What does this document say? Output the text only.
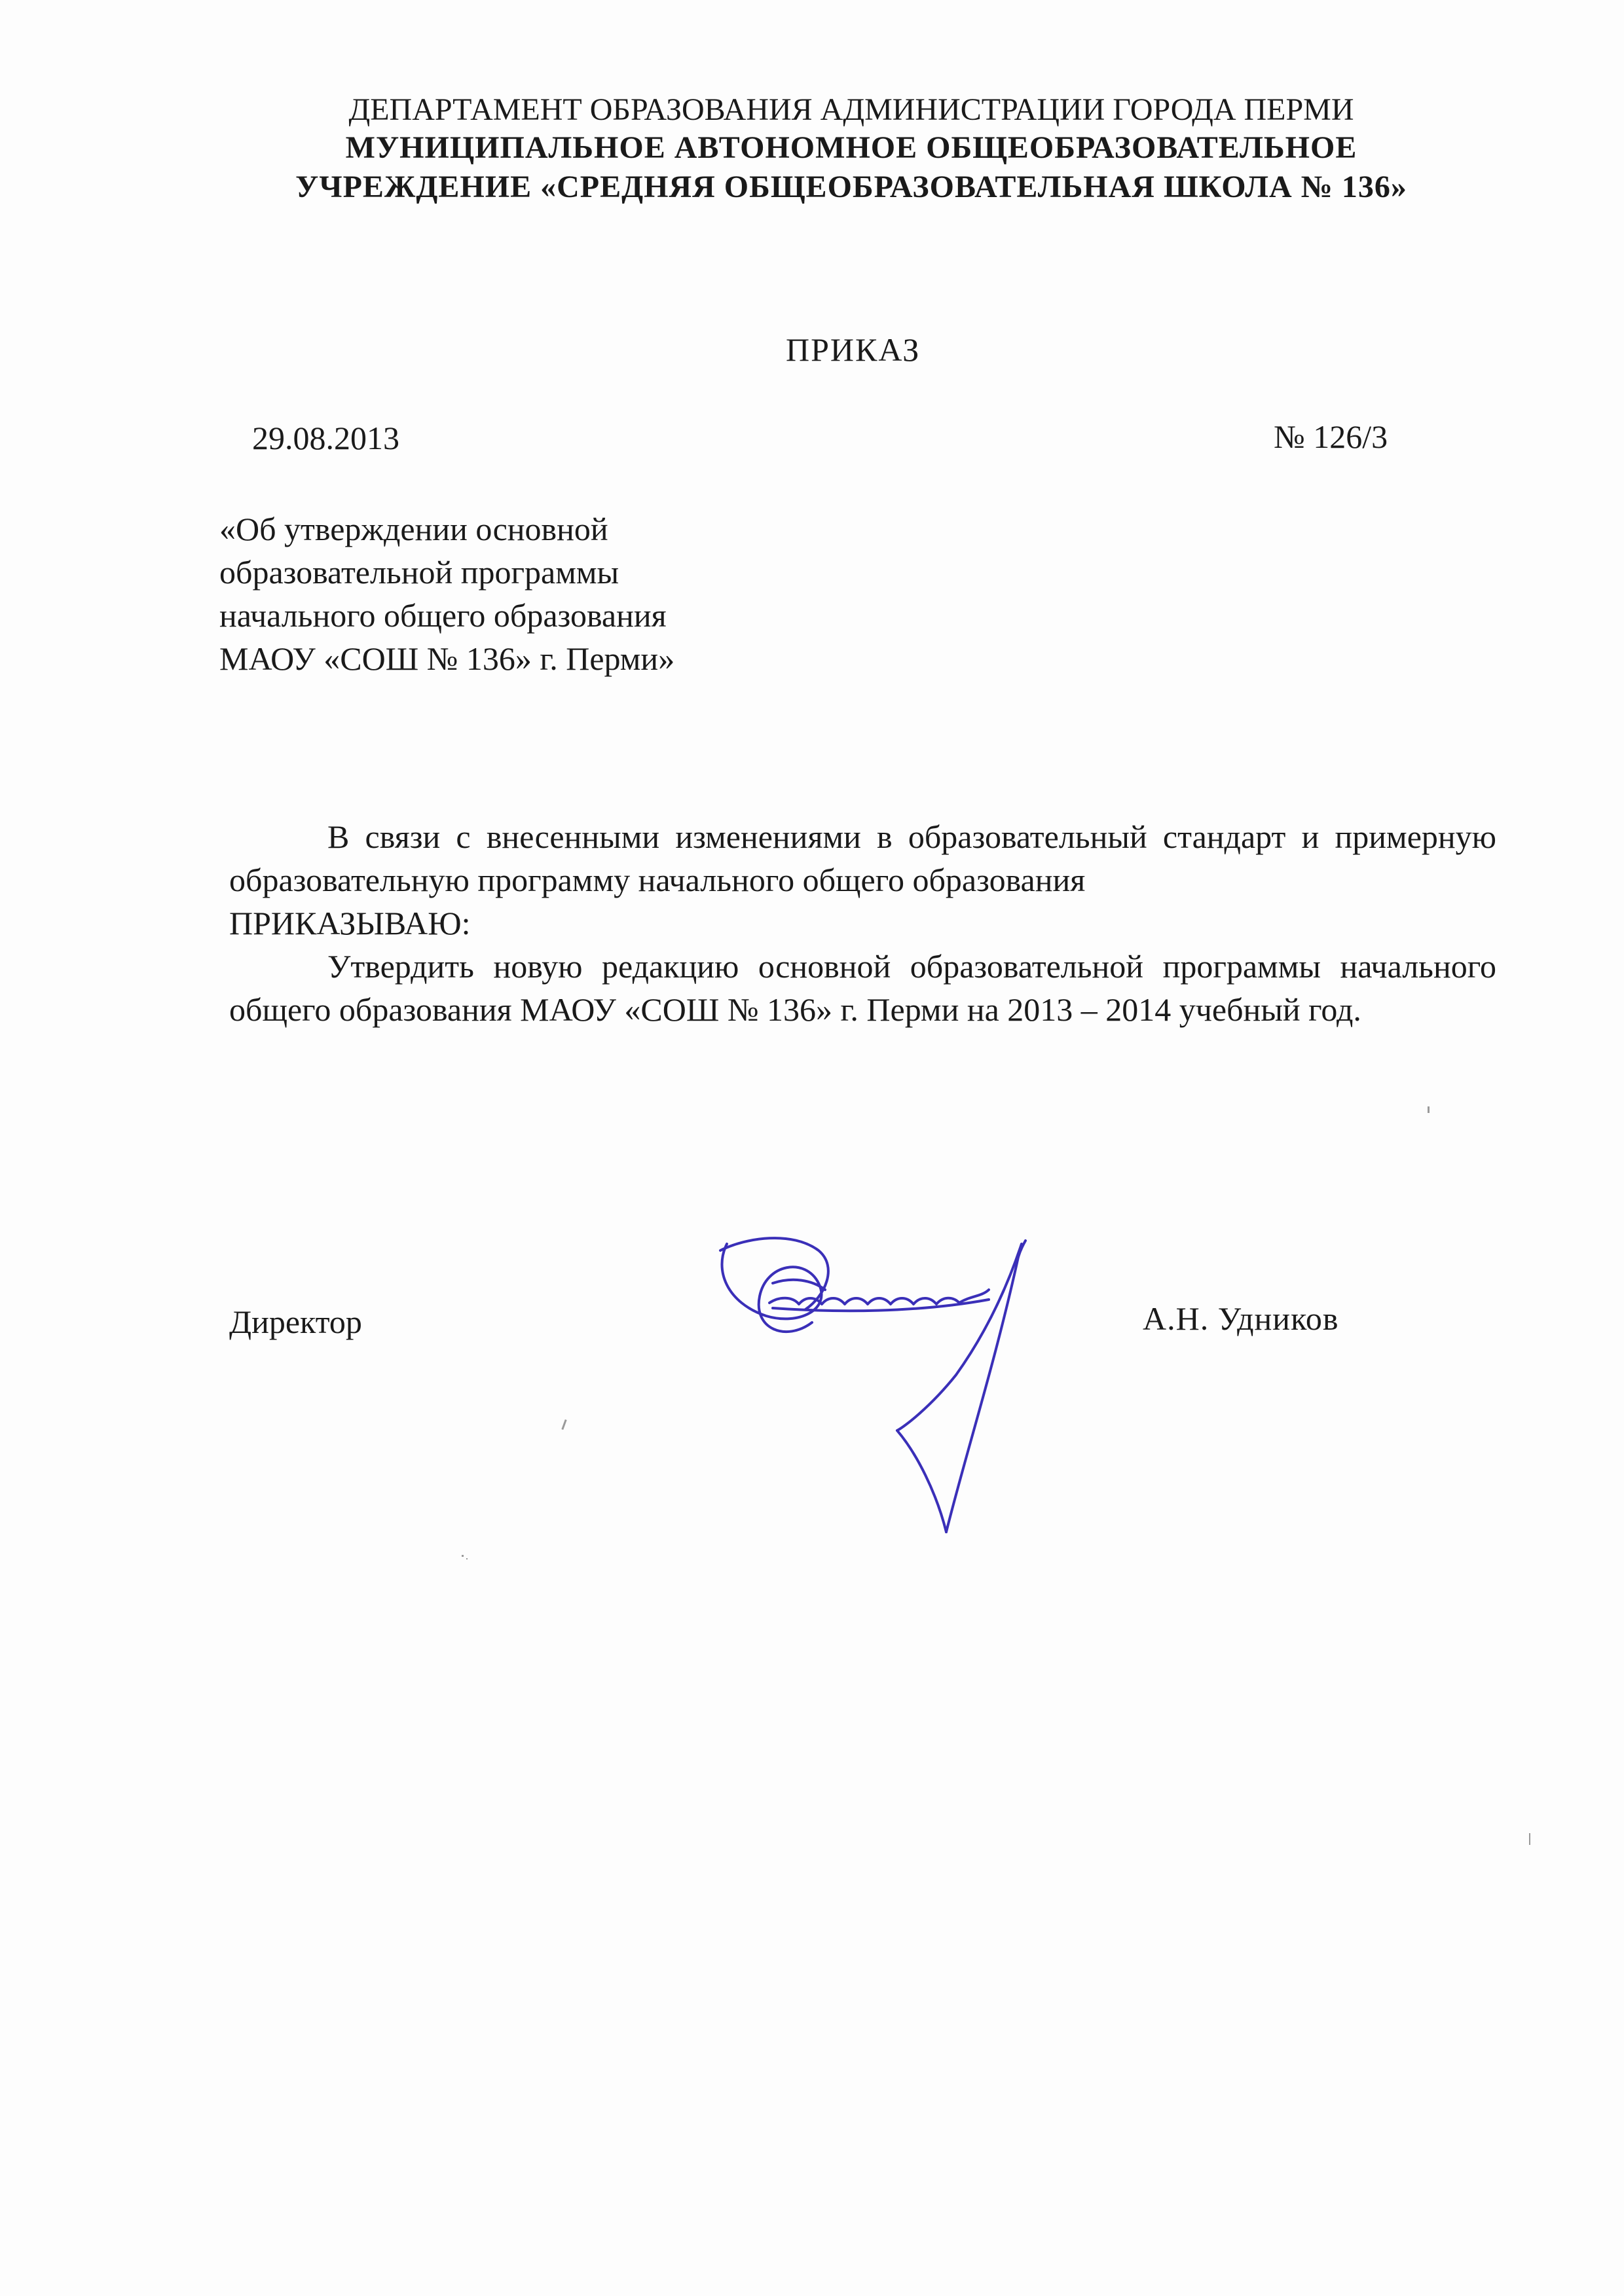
ДЕПАРТАМЕНТ ОБРАЗОВАНИЯ АДМИНИСТРАЦИИ ГОРОДА ПЕРМИ
МУНИЦИПАЛЬНОЕ АВТОНОМНОЕ ОБЩЕОБРАЗОВАТЕЛЬНОЕ
УЧРЕЖДЕНИЕ «СРЕДНЯЯ ОБЩЕОБРАЗОВАТЕЛЬНАЯ ШКОЛА № 136»
ПРИКАЗ
29.08.2013	№ 126/3
«Об утверждении основной
образовательной программы
начального общего образования
МАОУ «СОШ № 136» г. Перми»

В связи с внесенными изменениями в образовательный стандарт и примерную образовательную программу начального общего образования

ПРИКАЗЫВАЮ:

Утвердить новую редакцию основной образовательной программы начального общего образования МАОУ «СОШ № 136» г. Перми на 2013 – 2014 учебный год.

Директор	А.Н. Удников
